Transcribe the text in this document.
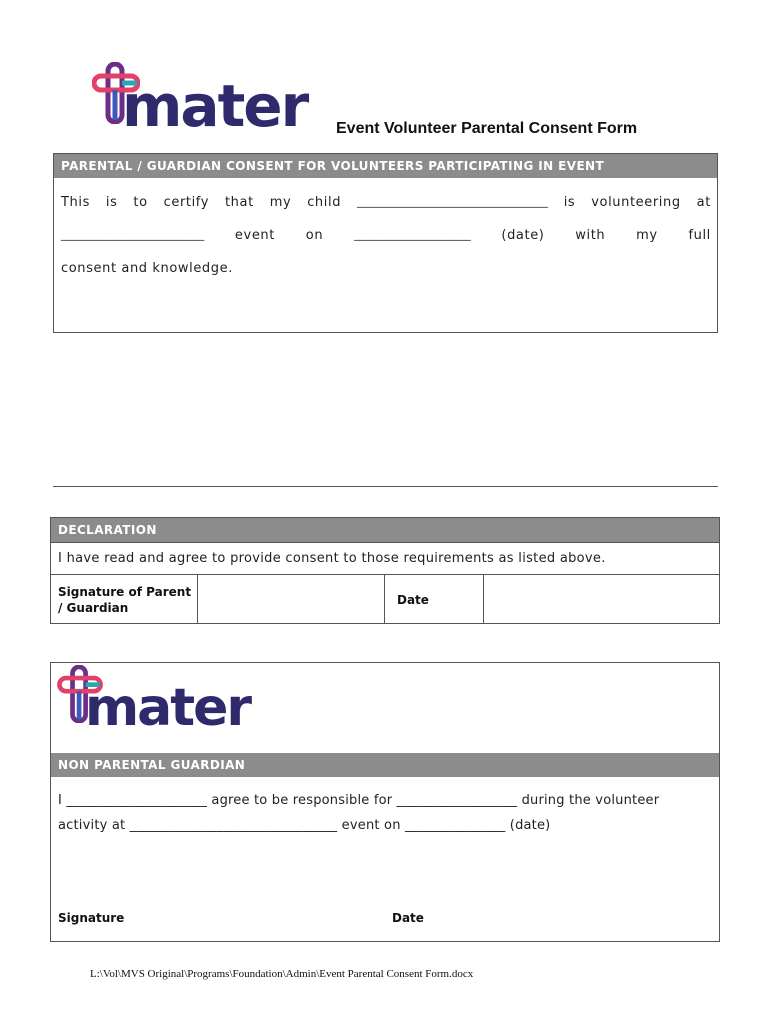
mater Event Volunteer Parental Consent Form
PARENTAL / GUARDIAN CONSENT FOR VOLUNTEERS PARTICIPATING IN EVENT
This is to certify that my child ____________________________________ is volunteering at
___________________________ event on	______________________ (date) with my full
consent and knowledge.
DECLARATION
I have read and agree to provide consent to those requirements as listed above.
Signature of Parent
/ Guardian
Date
mater
NON PARENTAL GUARDIAN
I _____________________ agree to be responsible for __________________ during the volunteer
activity at _______________________________ event on _______________ (date)
Signature	Date
L:\Vol\MVS Original\Programs\Foundation\Admin\Event Parental Consent Form.docx
